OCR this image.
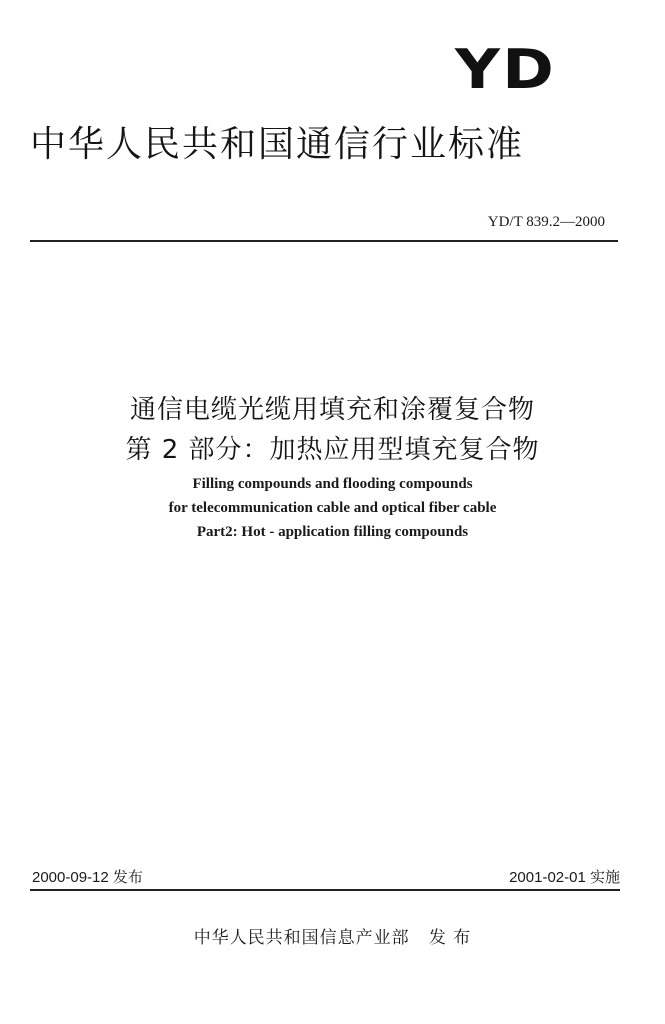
YD
中华人民共和国通信行业标准
YD/T 839.2—2000
通信电缆光缆用填充和涂覆复合物
第 2 部分：加热应用型填充复合物
Filling compounds and flooding compounds
for telecommunication cable and optical fiber cable
Part2: Hot - application filling compounds
2000-09-12 发布	2001-02-01 实施
中华人民共和国信息产业部   发 布
